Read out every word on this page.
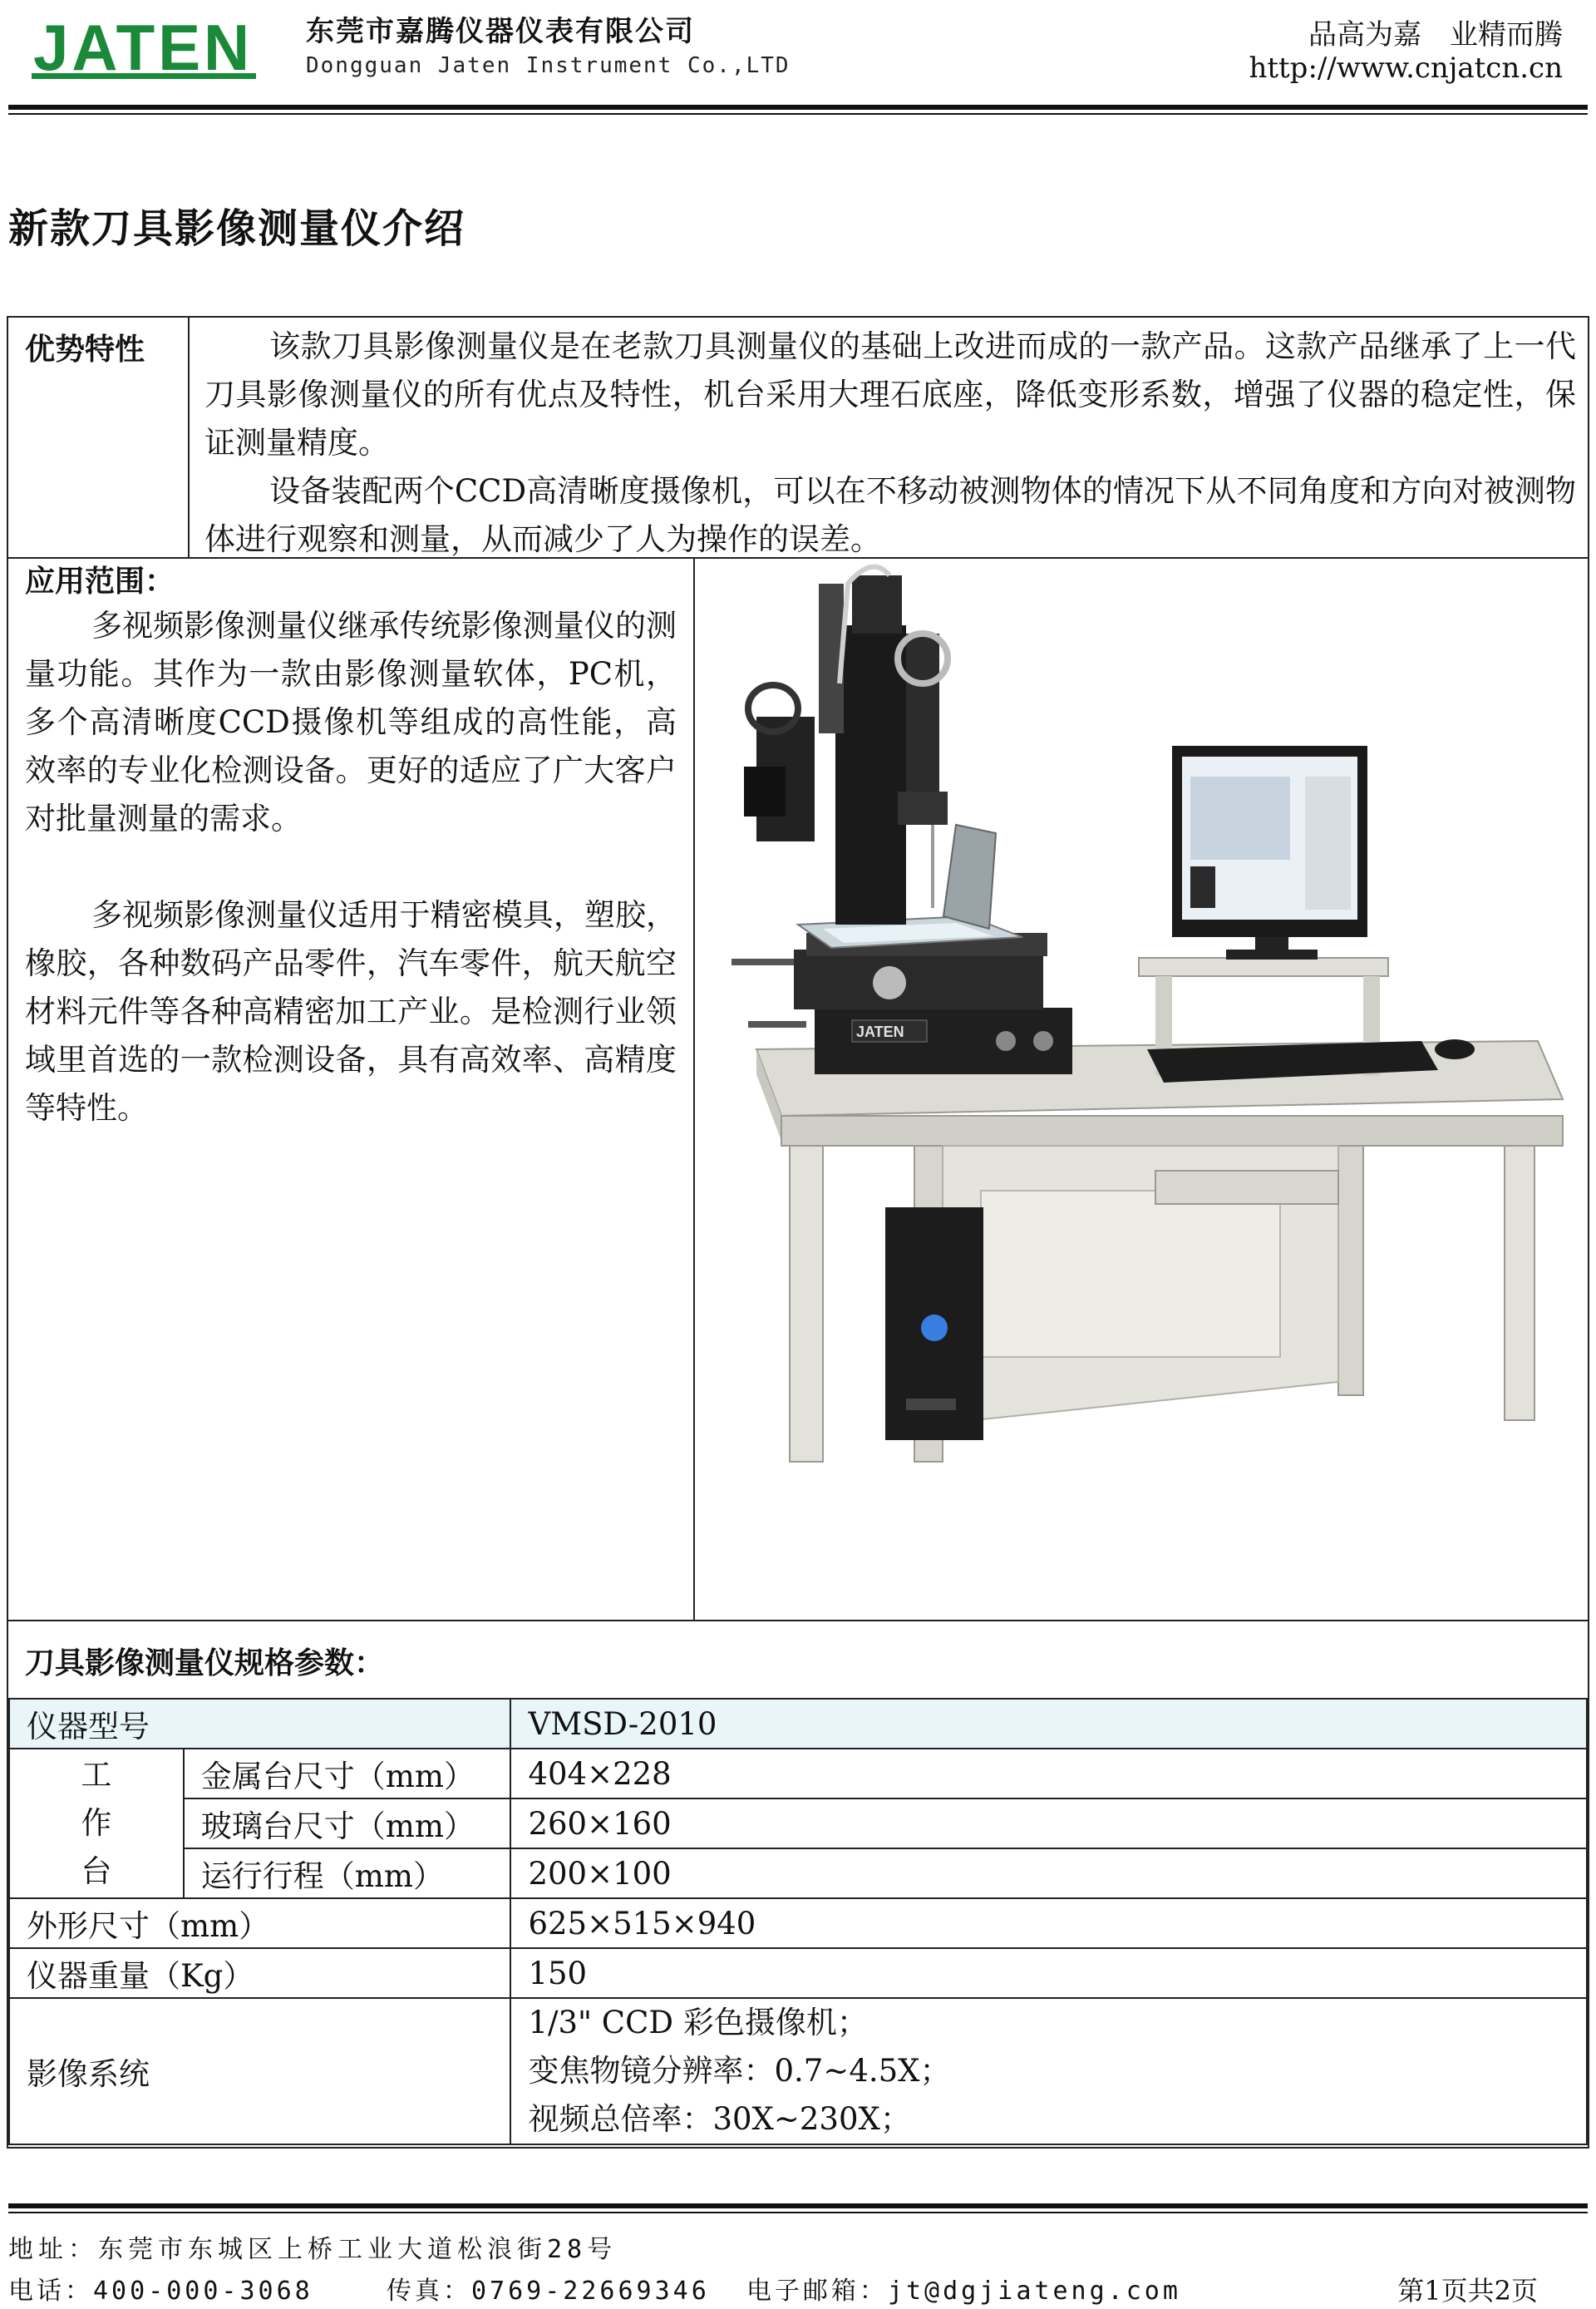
JATEN 东莞市嘉腾仪器仪表有限公司
Dongguan Jaten Instrument Co.,LTD
品高为嘉　业精而腾
http://www.cnjatcn.cn
新款刀具影像测量仪介绍
优势特性	该款刀具影像测量仪是在老款刀具测量仪的基础上改进而成的一款产品。这款产品继承了上一代刀具影像测量仪的所有优点及特性，机台采用大理石底座，降低变形系数，增强了仪器的稳定性，保证测量精度。

设备装配两个CCD高清晰度摄像机，可以在不移动被测物体的情况下从不同角度和方向对被测物体进行观察和测量，从而减少了人为操作的误差。

应用范围：

多视频影像测量仪继承传统影像测量仪的测量功能。其作为一款由影像测量软体，PC机，多个高清晰度CCD摄像机等组成的高性能，高效率的专业化检测设备。更好的适应了广大客户对批量测量的需求。

多视频影像测量仪适用于精密模具，塑胶，橡胶，各种数码产品零件，汽车零件，航天航空材料元件等各种高精密加工产业。是检测行业领域里首选的一款检测设备，具有高效率、高精度等特性。

JATEN
刀具影像测量仪规格参数：
仪器型号		VMSD-2010

工
作
台	金属台尺寸（mm）	404×228
	玻璃台尺寸（mm）	260×160
	运行行程（mm）	200×100
外形尺寸（mm）		625×515×940
仪器重量（Kg）		150
影像系统		1/3" CCD 彩色摄像机；
变焦物镜分辨率：0.7~4.5X；
视频总倍率：30X~230X；
地址：东莞市东城区上桥工业大道松浪街28号
电话：400-000-3068	传真：0769-22669346 电子邮箱：jt@dgjiateng.com	第1页共2页
